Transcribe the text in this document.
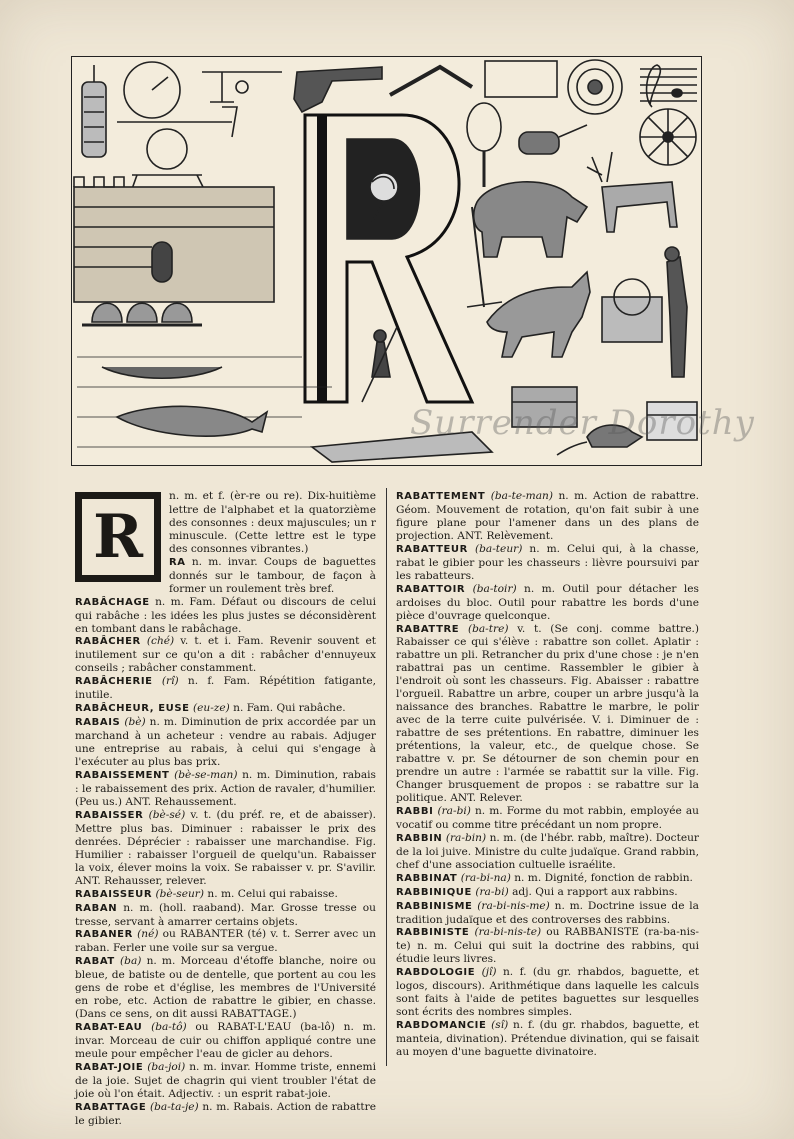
Surrender Dorothy
R

n. m. et f. (èr-re ou re). Dix-huitième lettre de l'alphabet et la quatorzième des consonnes : deux majuscules; un r minuscule. (Cette lettre est le type des consonnes vibrantes.)

RA n. m. invar. Coups de baguettes donnés sur le tambour, de façon à former un roulement très bref.

RABÂCHAGE n. m. Fam. Défaut ou discours de celui qui rabâche : les idées les plus justes se déconsidèrent en tombant dans le rabâchage.

RABÂCHER (ché) v. t. et i. Fam. Revenir souvent et inutilement sur ce qu'on a dit : rabâcher d'ennuyeux conseils ; rabâcher constamment.

RABÂCHERIE (rî) n. f. Fam. Répétition fatigante, inutile.

RABÂCHEUR, EUSE (eu-ze) n. Fam. Qui rabâche.

RABAIS (bè) n. m. Diminution de prix accordée par un marchand à un acheteur : vendre au rabais. Adjuger une entreprise au rabais, à celui qui s'engage à l'exécuter au plus bas prix.

RABAISSEMENT (bè-se-man) n. m. Diminution, rabais : le rabaissement des prix. Action de ravaler, d'humilier. (Peu us.) ANT. Rehaussement.

RABAISSER (bè-sé) v. t. (du préf. re, et de abaisser). Mettre plus bas. Diminuer : rabaisser le prix des denrées. Déprécier : rabaisser une marchandise. Fig. Humilier : rabaisser l'orgueil de quelqu'un. Rabaisser la voix, élever moins la voix. Se rabaisser v. pr. S'avilir. ANT. Rehausser, relever.

RABAISSEUR (bè-seur) n. m. Celui qui rabaisse.

RABAN n. m. (holl. raaband). Mar. Grosse tresse ou tresse, servant à amarrer certains objets.

RABANER (né) ou RABANTER (té) v. t. Serrer avec un raban. Ferler une voile sur sa vergue.

RABAT (ba) n. m. Morceau d'étoffe blanche, noire ou bleue, de batiste ou de dentelle, que portent au cou les gens de robe et d'église, les membres de l'Université en robe, etc. Action de rabattre le gibier, en chasse. (Dans ce sens, on dit aussi RABATTAGE.)

RABAT-EAU (ba-tô) ou RABAT-L'EAU (ba-lô) n. m. invar. Morceau de cuir ou chiffon appliqué contre une meule pour empêcher l'eau de gicler au dehors.

RABAT-JOIE (ba-joi) n. m. invar. Homme triste, ennemi de la joie. Sujet de chagrin qui vient troubler l'état de joie où l'on était. Adjectiv. : un esprit rabat-joie.

RABATTAGE (ba-ta-je) n. m. Rabais. Action de rabattre le gibier.

RABATTEMENT (ba-te-man) n. m. Action de rabattre. Géom. Mouvement de rotation, qu'on fait subir à une figure plane pour l'amener dans un des plans de projection. ANT. Relèvement.

RABATTEUR (ba-teur) n. m. Celui qui, à la chasse, rabat le gibier pour les chasseurs : lièvre poursuivi par les rabatteurs.

RABATTOIR (ba-toir) n. m. Outil pour détacher les ardoises du bloc. Outil pour rabattre les bords d'une pièce d'ouvrage quelconque.

RABATTRE (ba-tre) v. t. (Se conj. comme battre.) Rabaisser ce qui s'élève : rabattre son collet. Aplatir : rabattre un pli. Retrancher du prix d'une chose : je n'en rabattrai pas un centime. Rassembler le gibier à l'endroit où sont les chasseurs. Fig. Abaisser : rabattre l'orgueil. Rabattre un arbre, couper un arbre jusqu'à la naissance des branches. Rabattre le marbre, le polir avec de la terre cuite pulvérisée. V. i. Diminuer de : rabattre de ses prétentions. En rabattre, diminuer les prétentions, la valeur, etc., de quelque chose. Se rabattre v. pr. Se détourner de son chemin pour en prendre un autre : l'armée se rabattit sur la ville. Fig. Changer brusquement de propos : se rabattre sur la politique. ANT. Relever.

RABBI (ra-bi) n. m. Forme du mot rabbin, employée au vocatif ou comme titre précédant un nom propre.

RABBIN (ra-bin) n. m. (de l'hébr. rabb, maître). Docteur de la loi juive. Ministre du culte judaïque. Grand rabbin, chef d'une association cultuelle israélite.

RABBINAT (ra-bi-na) n. m. Dignité, fonction de rabbin.

RABBINIQUE (ra-bi) adj. Qui a rapport aux rabbins.

RABBINISME (ra-bi-nis-me) n. m. Doctrine issue de la tradition judaïque et des controverses des rabbins.

RABBINISTE (ra-bi-nis-te) ou RABBANISTE (ra-ba-nis-te) n. m. Celui qui suit la doctrine des rabbins, qui étudie leurs livres.

RABDOLOGIE (jî) n. f. (du gr. rhabdos, baguette, et logos, discours). Arithmétique dans laquelle les calculs sont faits à l'aide de petites baguettes sur lesquelles sont écrits des nombres simples.

RABDOMANCIE (sî) n. f. (du gr. rhabdos, baguette, et manteia, divination). Prétendue divination, qui se faisait au moyen d'une baguette divinatoire.
